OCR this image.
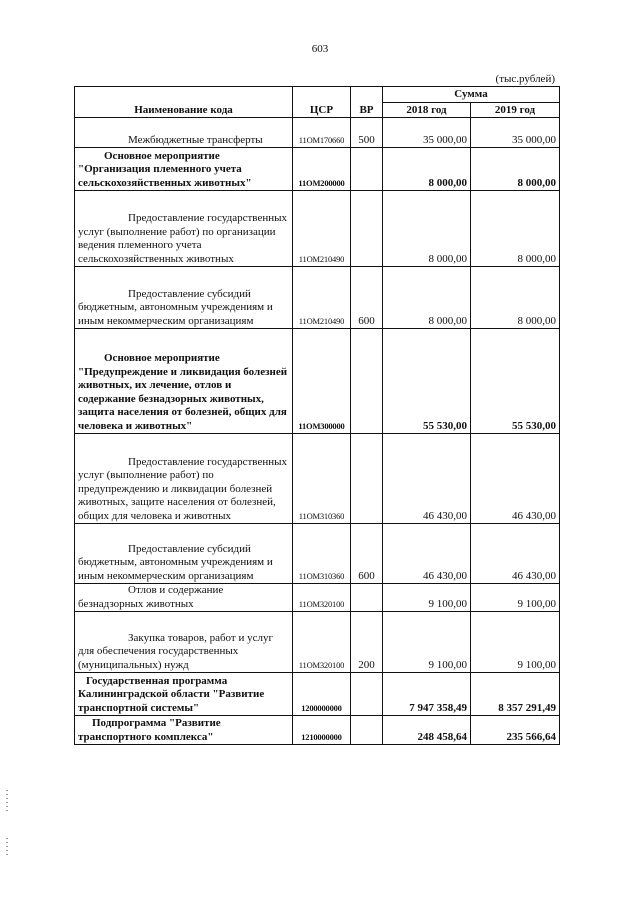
603
(тыс.рублей)
Наименование кода	ЦСР	ВР	Сумма	
			2018 год	2019 год
Межбюджетные трансферты	11OM170660	500	35 000,00	35 000,00
Основное мероприятие "Организация племенного учета сельскохозяйственных животных"	11OM200000		8 000,00	8 000,00
Предоставление государственных услуг (выполнение работ) по организации ведения племенного учета сельскохозяйственных животных	11OM210490		8 000,00	8 000,00
Предоставление субсидий бюджетным, автономным учреждениям и иным некоммерческим организациям	11OM210490	600	8 000,00	8 000,00
Основное мероприятие "Предупреждение и ликвидация болезней животных, их лечение, отлов и содержание безнадзорных животных, защита населения от болезней, общих для человека и животных"	11OM300000		55 530,00	55 530,00
Предоставление государственных услуг (выполнение работ) по предупреждению и ликвидации болезней животных, защите населения от болезней, общих для человека и животных	11OM310360		46 430,00	46 430,00
Предоставление субсидий бюджетным, автономным учреждениям и иным некоммерческим организациям	11OM310360	600	46 430,00	46 430,00
Отлов и содержание безнадзорных животных	11OM320100		9 100,00	9 100,00
Закупка товаров, работ и услуг для обеспечения государственных (муниципальных) нужд	11OM320100	200	9 100,00	9 100,00
Государственная программа Калининградской области "Развитие транспортной системы"	1200000000		7 947 358,49	8 357 291,49
Подпрограмма "Развитие транспортного комплекса"	1210000000		248 458,64	235 566,64
